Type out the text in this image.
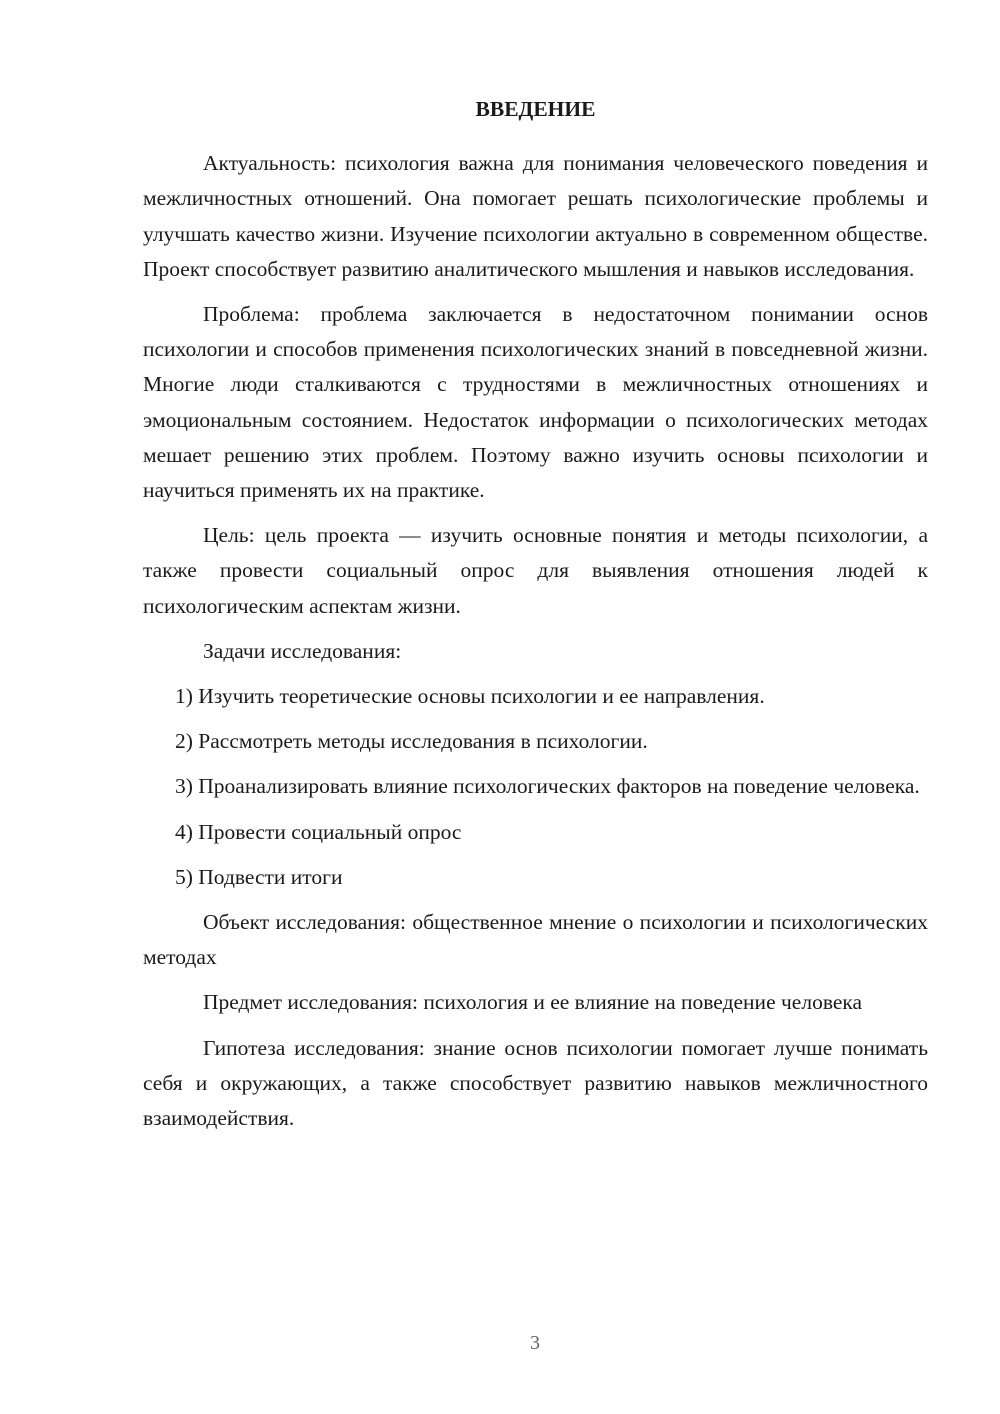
ВВЕДЕНИЕ

Актуальность: психология важна для понимания человеческого поведения и межличностных отношений. Она помогает решать психологические проблемы и улучшать качество жизни. Изучение психологии актуально в современном обществе. Проект способствует развитию аналитического мышления и навыков исследования.

Проблема: проблема заключается в недостаточном понимании основ психологии и способов применения психологических знаний в повседневной жизни. Многие люди сталкиваются с трудностями в межличностных отношениях и эмоциональным состоянием. Недостаток информации о психологических методах мешает решению этих проблем. Поэтому важно изучить основы психологии и научиться применять их на практике.

Цель: цель проекта — изучить основные понятия и методы психологии, а также провести социальный опрос для выявления отношения людей к психологическим аспектам жизни.

Задачи исследования:

1) Изучить теоретические основы психологии и ее направления.

2) Рассмотреть методы исследования в психологии.

3) Проанализировать влияние психологических факторов на поведение человека.

4) Провести социальный опрос

5) Подвести итоги

Объект исследования: общественное мнение о психологии и психологических методах

Предмет исследования: психология и ее влияние на поведение человека

Гипотеза исследования: знание основ психологии помогает лучше понимать себя и окружающих, а также способствует развитию навыков межличностного взаимодействия.

3
